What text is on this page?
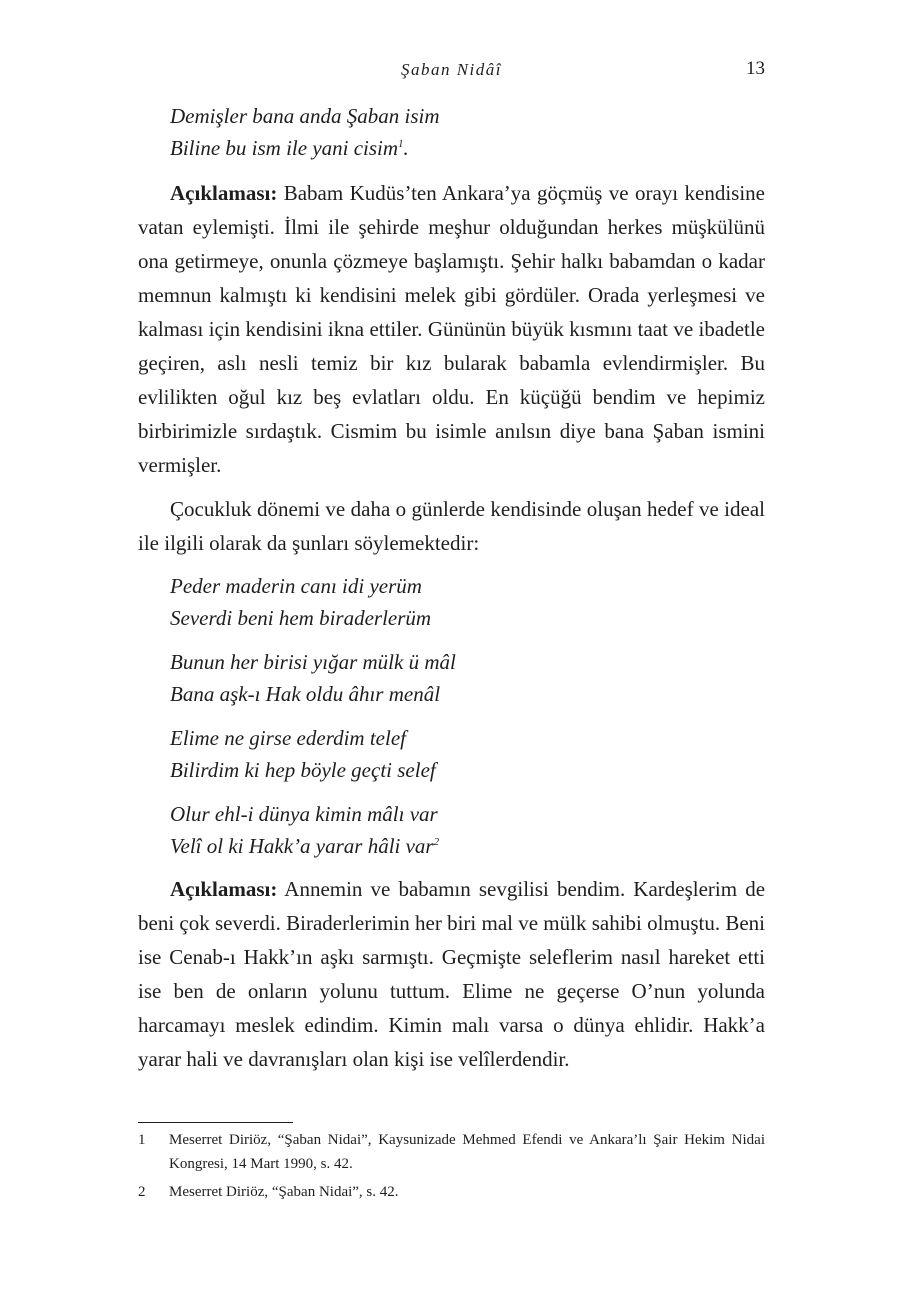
Şaban Nidâî	13
Demişler bana anda Şaban isim
Biline bu ism ile yani cisim$^1$.

Açıklaması: Babam Kudüs’ten Ankara’ya göçmüş ve orayı kendisine vatan eylemişti. İlmi ile şehirde meşhur olduğundan herkes müşkülünü ona getirmeye, onunla çözmeye başlamıştı. Şehir halkı babamdan o kadar memnun kalmıştı ki kendisini melek gibi gördüler. Orada yerleşmesi ve kalması için kendisini ikna ettiler. Gününün büyük kısmını taat ve ibadetle geçiren, aslı nesli temiz bir kız bularak babamla evlendirmişler. Bu evlilikten oğul kız beş evlatları oldu. En küçüğü bendim ve hepimiz birbirimizle sırdaştık. Cismim bu isimle anılsın diye bana Şaban ismini vermişler.

Çocukluk dönemi ve daha o günlerde kendisinde oluşan hedef ve ideal ile ilgili olarak da şunları söylemektedir:

Peder maderin canı idi yerüm
Severdi beni hem biraderlerüm
Bunun her birisi yığar mülk ü mâl
Bana aşk-ı Hak oldu âhır menâl
Elime ne girse ederdim telef
Bilirdim ki hep böyle geçti selef
Olur ehl-i dünya kimin mâlı var
Velî ol ki Hakk’a yarar hâli var$^2$

Açıklaması: Annemin ve babamın sevgilisi bendim. Kardeşlerim de beni çok severdi. Biraderlerimin her biri mal ve mülk sahibi olmuştu. Beni ise Cenab-ı Hakk’ın aşkı sarmıştı. Geçmişte seleflerim nasıl hareket etti ise ben de onların yolunu tuttum. Elime ne geçerse O’nun yolunda harcamayı meslek edindim. Kimin malı varsa o dünya ehlidir. Hakk’a yarar hali ve davranışları olan kişi ise velîlerdendir.

1 Meserret Diriöz, “Şaban Nidai”, Kaysunizade Mehmed Efendi ve Ankara’lı Şair Hekim Nidai Kongresi, 14 Mart 1990, s. 42.
2 Meserret Diriöz, “Şaban Nidai”, s. 42.
